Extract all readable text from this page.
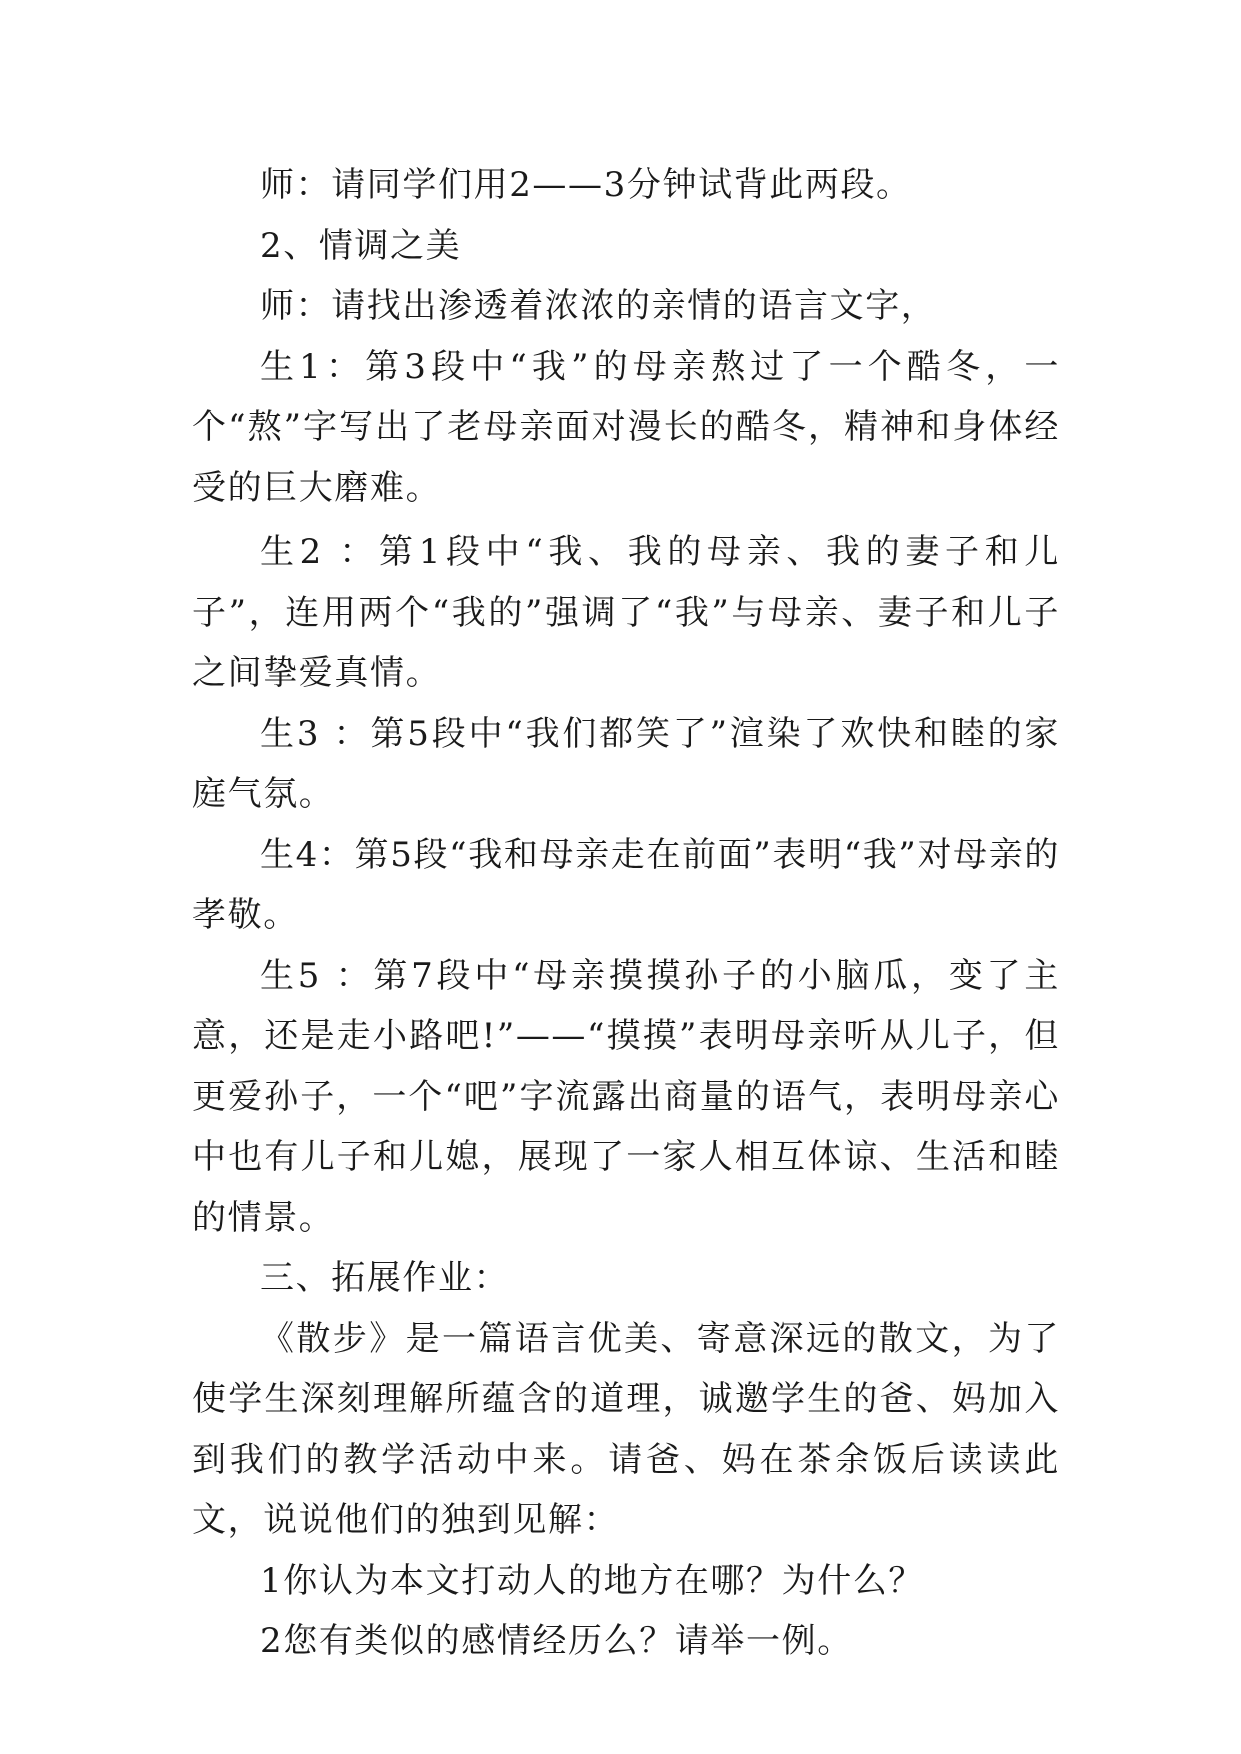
师：请同学们用2——3分钟试背此两段。

2、情调之美

师：请找出渗透着浓浓的亲情的语言文字，

生1：第3段中“我”的母亲熬过了一个酷冬，一个“熬”字写出了老母亲面对漫长的酷冬，精神和身体经受的巨大磨难。

生2 ：第1段中“我、我的母亲、我的妻子和儿子”，连用两个“我的”强调了“我”与母亲、妻子和儿子之间挚爱真情。

生3 ：第5段中“我们都笑了”渲染了欢快和睦的家庭气氛。

生4：第5段“我和母亲走在前面”表明“我”对母亲的孝敬。

生5 ：第7段中“母亲摸摸孙子的小脑瓜，变了主意，还是走小路吧!”——“摸摸”表明母亲听从儿子，但更爱孙子，一个“吧”字流露出商量的语气，表明母亲心中也有儿子和儿媳，展现了一家人相互体谅、生活和睦的情景。

三、拓展作业：

《散步》是一篇语言优美、寄意深远的散文，为了使学生深刻理解所蕴含的道理，诚邀学生的爸、妈加入到我们的教学活动中来。请爸、妈在茶余饭后读读此文，说说他们的独到见解：

1你认为本文打动人的地方在哪？为什么？

2您有类似的感情经历么？请举一例。
